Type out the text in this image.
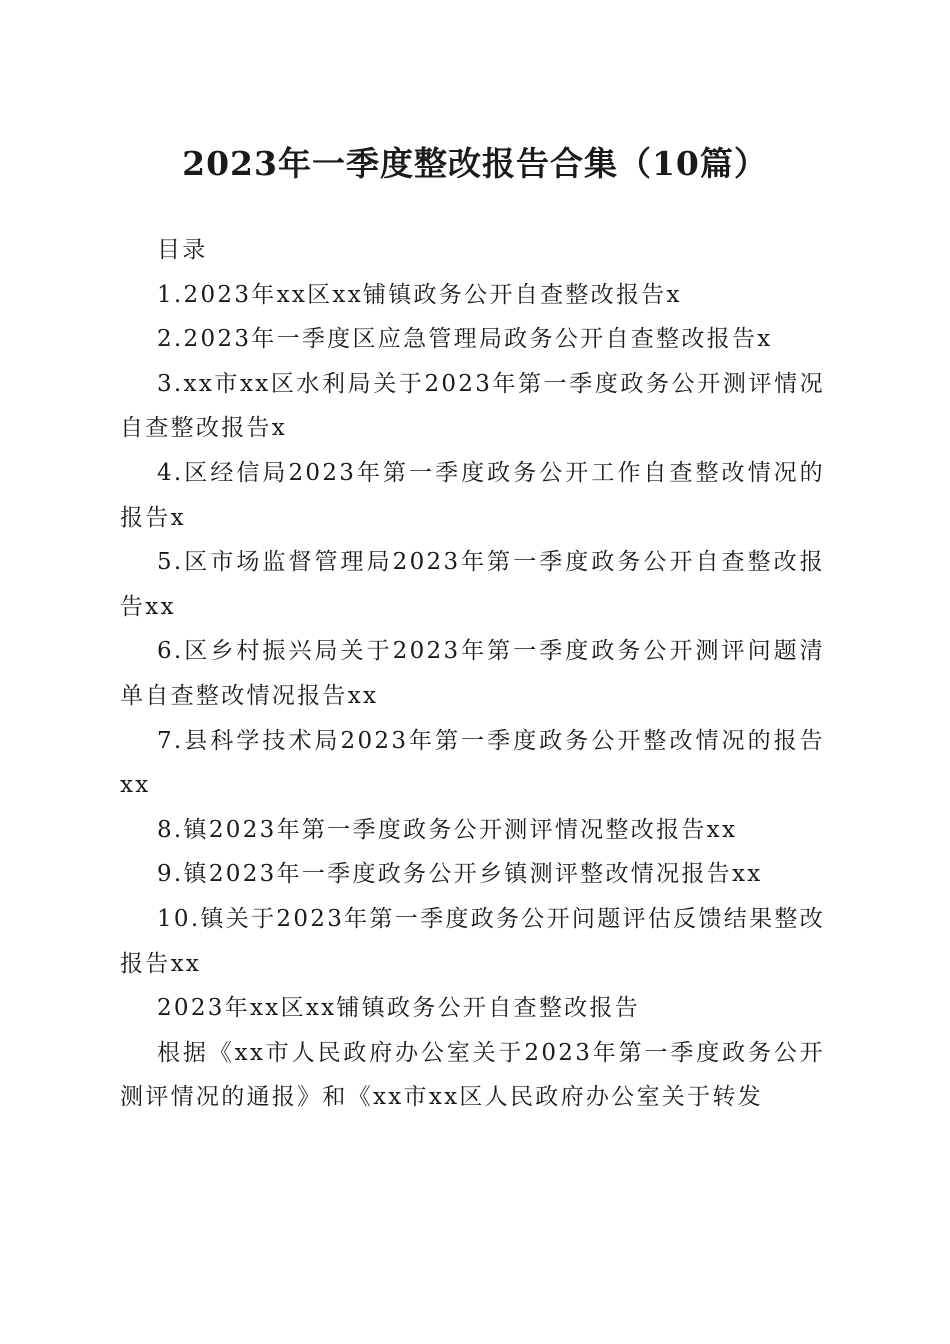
2023年一季度整改报告合集（10篇）

目录

1.2023年xx区xx铺镇政务公开自查整改报告x

2.2023年一季度区应急管理局政务公开自查整改报告x

3.xx市xx区水利局关于2023年第一季度政务公开测评情况自查整改报告x

4.区经信局2023年第一季度政务公开工作自查整改情况的报告x

5.区市场监督管理局2023年第一季度政务公开自查整改报告xx

6.区乡村振兴局关于2023年第一季度政务公开测评问题清单自查整改情况报告xx

7.县科学技术局2023年第一季度政务公开整改情况的报告xx

8.镇2023年第一季度政务公开测评情况整改报告xx

9.镇2023年一季度政务公开乡镇测评整改情况报告xx

10.镇关于2023年第一季度政务公开问题评估反馈结果整改报告xx

2023年xx区xx铺镇政务公开自查整改报告

根据《xx市人民政府办公室关于2023年第一季度政务公开测评情况的通报》和《xx市xx区人民政府办公室关于转发
